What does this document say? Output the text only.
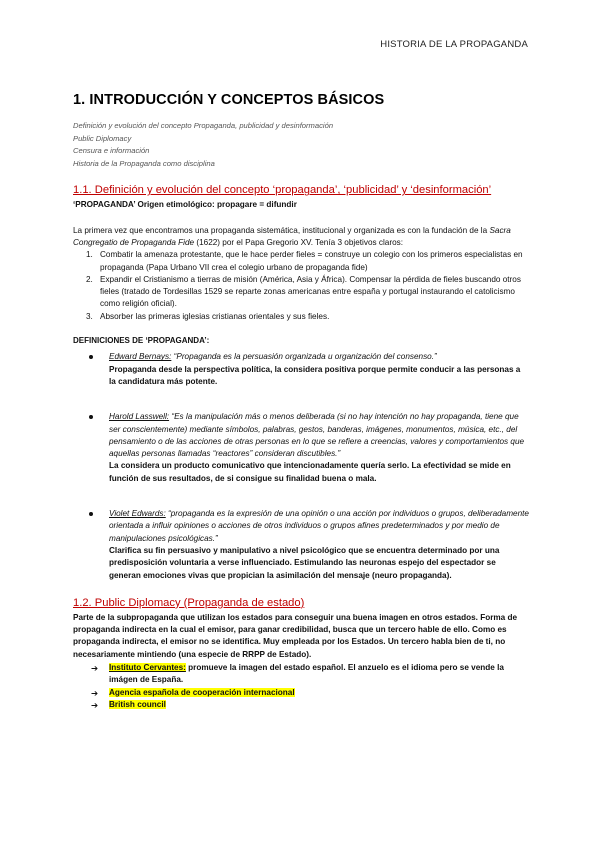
HISTORIA DE LA PROPAGANDA
1. INTRODUCCIÓN Y CONCEPTOS BÁSICOS
Definición y evolución del concepto Propaganda, publicidad y desinformación
Public Diplomacy
Censura e información
Historia de la Propaganda como disciplina
1.1. Definición y evolución del concepto ‘propaganda’, ‘publicidad’ y ‘desinformación’

‘PROPAGANDA’ Origen etimológico: propagare = difundir

La primera vez que encontramos una propaganda sistemática, institucional y organizada es con la fundación de la Sacra Congregatio de Propaganda Fide (1622) por el Papa Gregorio XV. Tenía 3 objetivos claros:

1. Combatir la amenaza protestante, que le hace perder fieles = construye un colegio con los primeros especialistas en propaganda (Papa Urbano VII crea el colegio urbano de propaganda fide)
2. Expandir el Cristianismo a tierras de misión (América, Asia y África). Compensar la pérdida de fieles buscando otros fieles (tratado de Tordesillas 1529 se reparte zonas americanas entre españa y portugal instaurando el catolicismo como religión oficial).
3. Absorber las primeras iglesias cristianas orientales y sus fieles.

DEFINICIONES DE ‘PROPAGANDA’:

Edward Bernays: “Propaganda es la persuasión organizada u organización del consenso.”
Propaganda desde la perspectiva política, la considera positiva porque permite conducir a las personas a la candidatura más potente.
Harold Lasswell: “Es la manipulación más o menos deliberada (si no hay intención no hay propaganda, tiene que ser conscientemente) mediante símbolos, palabras, gestos, banderas, imágenes, monumentos, música, etc., del pensamiento o de las acciones de otras personas en lo que se refiere a creencias, valores y comportamientos que aquellas personas llamadas “reactores” consideran discutibles.”
La considera un producto comunicativo que intencionadamente quería serlo. La efectividad se mide en función de sus resultados, de si consigue su finalidad buena o mala.
Violet Edwards: “propaganda es la expresión de una opinión o una acción por individuos o grupos, deliberadamente orientada a influir opiniones o acciones de otros individuos o grupos afines predeterminados y por medio de manipulaciones psicológicas.”
Clarifica su fin persuasivo y manipulativo a nivel psicológico que se encuentra determinado por una predisposición voluntaria a verse influenciado. Estimulando las neuronas espejo del espectador se generan emociones vivas que propician la asimilación del mensaje (neuro propaganda).
1.2. Public Diplomacy (Propaganda de estado)

Parte de la subpropaganda que utilizan los estados para conseguir una buena imagen en otros estados. Forma de propaganda indirecta en la cual el emisor, para ganar credibilidad, busca que un tercero hable de ello. Como es propaganda indirecta, el emisor no se identifica. Muy empleada por los Estados. Un tercero habla bien de ti, no necesariamente mintiendo (una especie de RRPP de Estado).

➔ Instituto Cervantes: promueve la imagen del estado español. El anzuelo es el idioma pero se vende la imágen de España.
➔ Agencia española de cooperación internacional
➔ British council
